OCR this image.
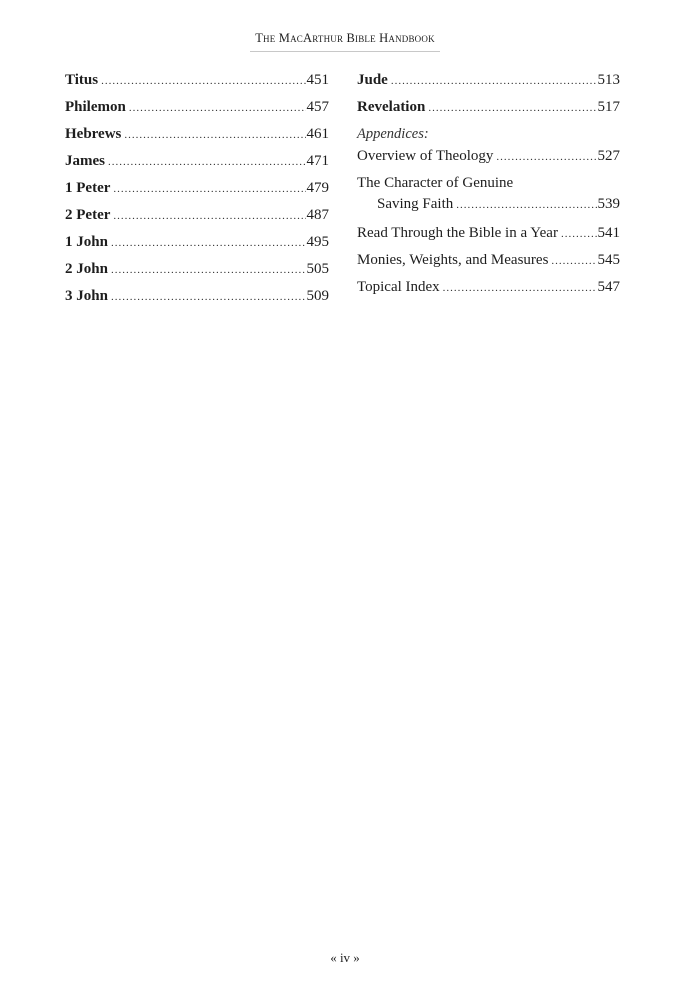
The MacArthur Bible Handbook
Titus .....	451
Philemon .....	457
Hebrews .....	461
James .....	471
1 Peter .....	479
2 Peter .....	487
1 John .....	495
2 John .....	505
3 John .....	509
Jude .....	513
Revelation .....	517
Appendices:
Overview of Theology .....	527
The Character of Genuine
Saving Faith .....	539
Read Through the Bible in a Year .....	541
Monies, Weights, and Measures .....	545
Topical Index .....	547
« iv »
